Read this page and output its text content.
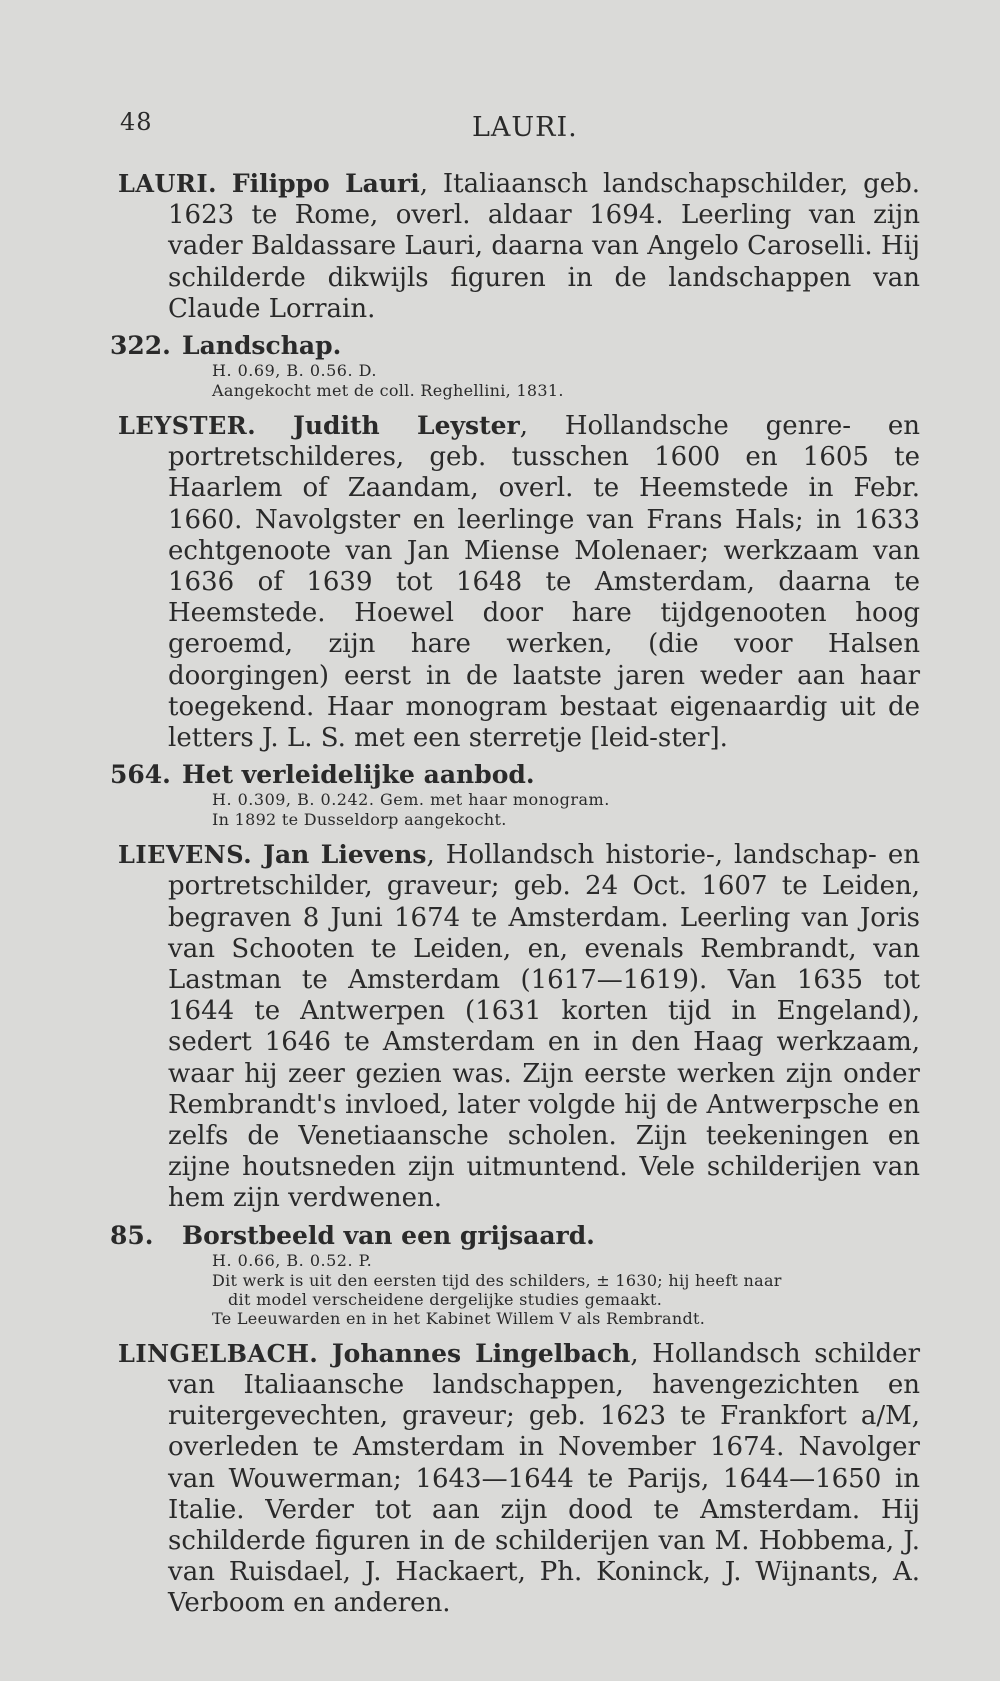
48	LAURI.
LAURI. Filippo Lauri, Italiaansch landschapschilder, geb. 1623 te Rome, overl. aldaar 1694. Leerling van zijn vader Baldassare Lauri, daarna van Angelo Caroselli. Hij schilderde dikwijls figuren in de landschappen van Claude Lorrain.
322. Landschap.
H. 0.69, B. 0.56. D.
Aangekocht met de coll. Reghellini, 1831.
LEYSTER. Judith Leyster, Hollandsche genre- en portretschilderes, geb. tusschen 1600 en 1605 te Haarlem of Zaandam, overl. te Heemstede in Febr. 1660. Navolgster en leerlinge van Frans Hals; in 1633 echtgenoote van Jan Miense Molenaer; werkzaam van 1636 of 1639 tot 1648 te Amsterdam, daarna te Heemstede. Hoewel door hare tijdgenooten hoog geroemd, zijn hare werken, (die voor Halsen doorgingen) eerst in de laatste jaren weder aan haar toegekend. Haar monogram bestaat eigenaardig uit de letters J. L. S. met een sterretje [leid-ster].
564. Het verleidelijke aanbod.
H. 0.309, B. 0.242. Gem. met haar monogram.
In 1892 te Dusseldorp aangekocht.
LIEVENS. Jan Lievens, Hollandsch historie-, landschap- en portretschilder, graveur; geb. 24 Oct. 1607 te Leiden, begraven 8 Juni 1674 te Amsterdam. Leerling van Joris van Schooten te Leiden, en, evenals Rembrandt, van Lastman te Amsterdam (1617—1619). Van 1635 tot 1644 te Antwerpen (1631 korten tijd in Engeland), sedert 1646 te Amsterdam en in den Haag werkzaam, waar hij zeer gezien was. Zijn eerste werken zijn onder Rembrandt's invloed, later volgde hij de Antwerpsche en zelfs de Venetiaansche scholen. Zijn teekeningen en zijne houtsneden zijn uitmuntend. Vele schilderijen van hem zijn verdwenen.
85. Borstbeeld van een grijsaard.
H. 0.66, B. 0.52. P.
Dit werk is uit den eersten tijd des schilders, ± 1630; hij heeft naar
dit model verscheidene dergelijke studies gemaakt.
Te Leeuwarden en in het Kabinet Willem V als Rembrandt.
LINGELBACH. Johannes Lingelbach, Hollandsch schilder van Italiaansche landschappen, havengezichten en ruitergevechten, graveur; geb. 1623 te Frankfort a/M, overleden te Amsterdam in November 1674. Navolger van Wouwerman; 1643—1644 te Parijs, 1644—1650 in Italie. Verder tot aan zijn dood te Amsterdam. Hij schilderde figuren in de schilderijen van M. Hobbema, J. van Ruisdael, J. Hackaert, Ph. Koninck, J. Wijnants, A. Verboom en anderen.
